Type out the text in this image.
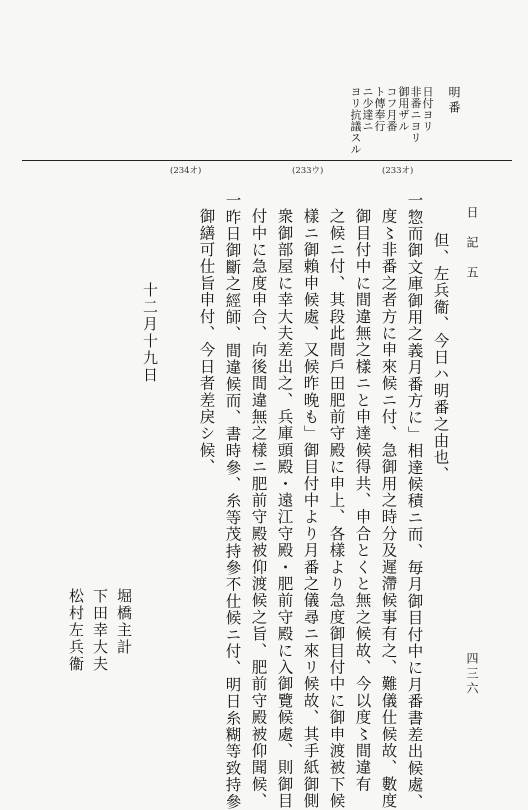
明番
日付ヨリ
非番ニヨリ
御用ザル
コフ月番
ト傳奉行
ニ少達ニ
ヨリ抗議スル
(234オ)	(233ウ)	(233オ)
日　記　五
四三六
但、左兵衞、今日ハ明番之由也、
一惣而御文庫御用之義月番方に」相達候積ニ而、毎月御目付中に月番書差出候處、
度〻非番之者方に申來候ニ付、急御用之時分及遲滯候事有之、難儀仕候故、數度
御目付中に間違無之樣ニと申達候得共、申合とくと無之候故、今以度〻間違有
之候ニ付、其段此間戶田肥前守殿に申上、各樣より急度御目付中に御申渡被下候
樣ニ御賴申候處、又候昨晚も」御目付中より月番之儀尋ニ來リ候故、其手紙御側
衆御部屋に幸大夫差出之、兵庫頭殿・遠江守殿・肥前守殿に入御覽候處、則御目
付中に急度申合、向後間違無之樣ニ肥前守殿被仰渡候之旨、肥前守殿被仰聞候、
一昨日御斷之經師、間違候而、書時參、糸等茂持參不仕候ニ付、明日糸糊等致持參
御繕可仕旨申付、今日者差戾シ候、
十二月十九日
堀橋主計
下田幸大夫
松村左兵衞
